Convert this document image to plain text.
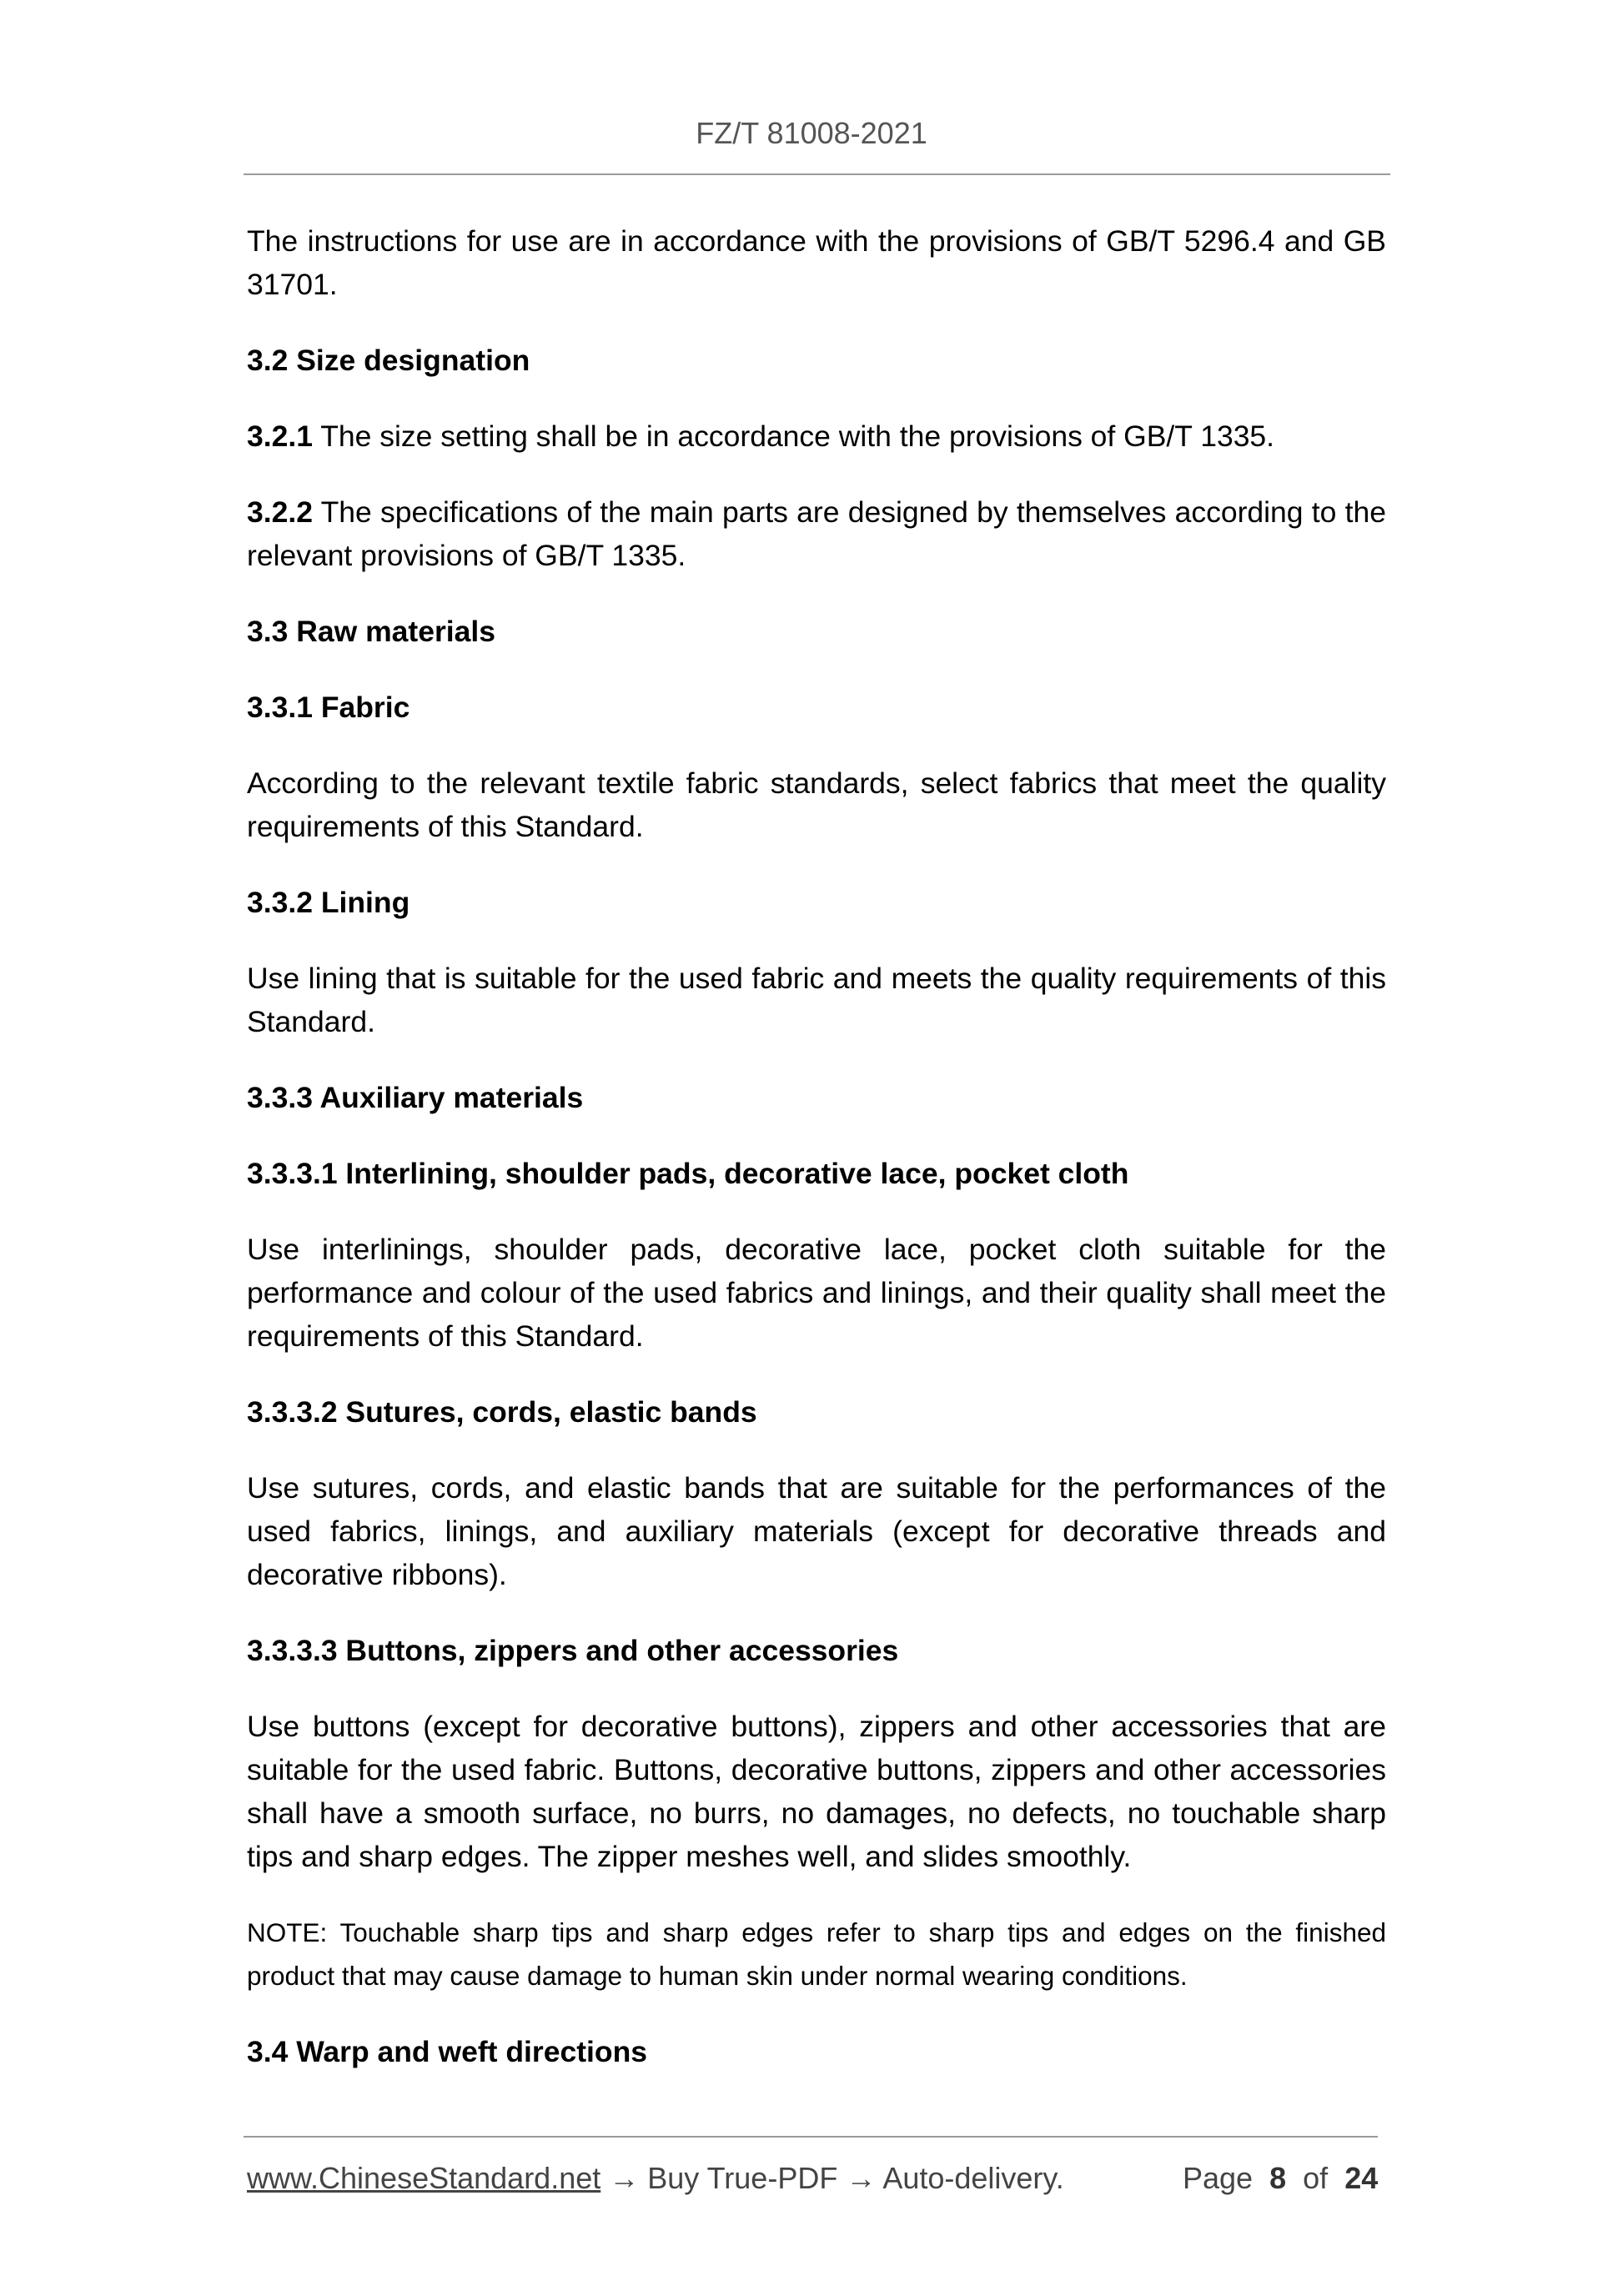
FZ/T 81008-2021

The instructions for use are in accordance with the provisions of GB/T 5296.4 and GB 31701.

3.2 Size designation

3.2.1 The size setting shall be in accordance with the provisions of GB/T 1335.

3.2.2 The specifications of the main parts are designed by themselves according to the relevant provisions of GB/T 1335.

3.3 Raw materials
3.3.1 Fabric

According to the relevant textile fabric standards, select fabrics that meet the quality requirements of this Standard.

3.3.2 Lining

Use lining that is suitable for the used fabric and meets the quality requirements of this Standard.

3.3.3 Auxiliary materials
3.3.3.1 Interlining, shoulder pads, decorative lace, pocket cloth

Use interlinings, shoulder pads, decorative lace, pocket cloth suitable for the performance and colour of the used fabrics and linings, and their quality shall meet the requirements of this Standard.

3.3.3.2 Sutures, cords, elastic bands

Use sutures, cords, and elastic bands that are suitable for the performances of the used fabrics, linings, and auxiliary materials (except for decorative threads and decorative ribbons).

3.3.3.3 Buttons, zippers and other accessories

Use buttons (except for decorative buttons), zippers and other accessories that are suitable for the used fabric. Buttons, decorative buttons, zippers and other accessories shall have a smooth surface, no burrs, no damages, no defects, no touchable sharp tips and sharp edges. The zipper meshes well, and slides smoothly.

NOTE: Touchable sharp tips and sharp edges refer to sharp tips and edges on the finished product that may cause damage to human skin under normal wearing conditions.

3.4 Warp and weft directions
www.ChineseStandard.net → Buy True-PDF → Auto-delivery.	Page 8 of 24
